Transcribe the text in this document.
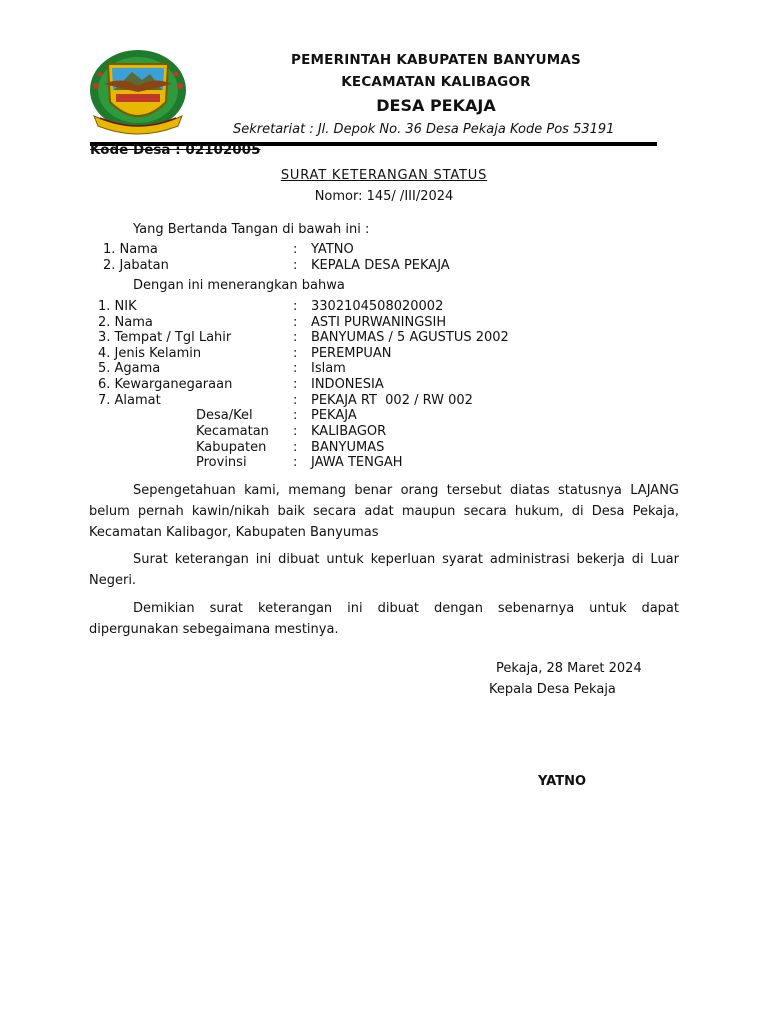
PEMERINTAH KABUPATEN BANYUMAS
KECAMATAN KALIBAGOR
DESA PEKAJA
Sekretariat : Jl. Depok No. 36 Desa Pekaja Kode Pos 53191
Kode Desa : 02102005
SURAT KETERANGAN STATUS
Nomor: 145/ /III/2024
Yang Bertanda Tangan di bawah ini :
1. Nama	: YATNO
2. Jabatan	: KEPALA DESA PEKAJA
Dengan ini menerangkan bahwa
1. NIK	: 3302104508020002
2. Nama	: ASTI PURWANINGSIH
3. Tempat / Tgl Lahir	: BANYUMAS / 5 AGUSTUS 2002
4. Jenis Kelamin	: PEREMPUAN
5. Agama	: Islam
6. Kewarganegaraan	: INDONESIA
7. Alamat	: PEKAJA RT  002 / RW 002
Desa/Kel	: PEKAJA
Kecamatan : KALIBAGOR
Kabupaten : BANYUMAS
Provinsi	: JAWA TENGAH
Sepengetahuan kami, memang benar orang tersebut diatas statusnya LAJANG belum pernah kawin/nikah baik secara adat maupun secara hukum, di Desa Pekaja, Kecamatan Kalibagor, Kabupaten Banyumas
Surat keterangan ini dibuat untuk keperluan syarat administrasi bekerja di Luar Negeri.
Demikian surat keterangan ini dibuat dengan sebenarnya untuk dapat dipergunakan sebegaimana mestinya.
Pekaja, 28 Maret 2024
Kepala Desa Pekaja
YATNO
